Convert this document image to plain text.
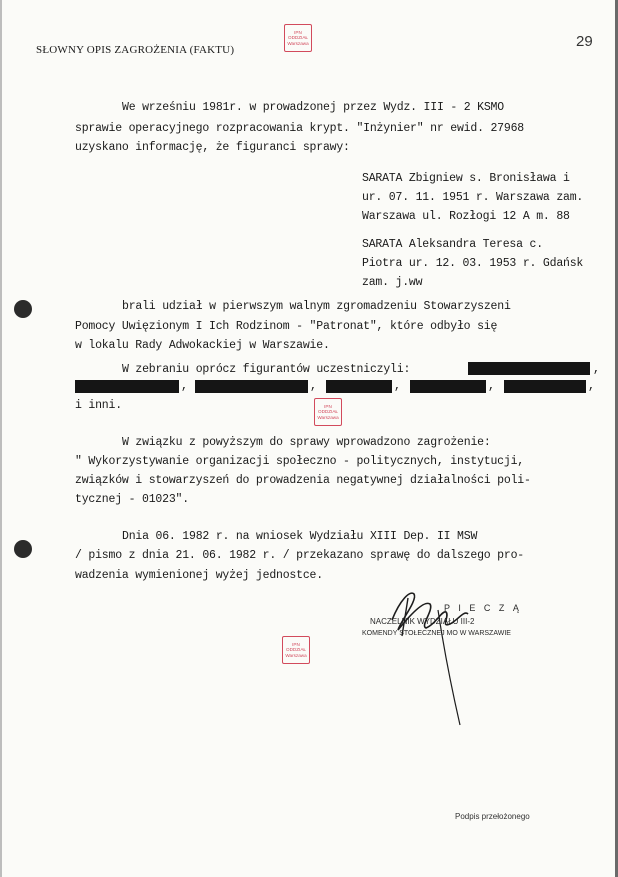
SŁOWNY OPIS ZAGROŻENIA (FAKTU)	29
IPN
ODDZIAŁ
Warszawa
IPN
ODDZIAŁ
Warszawa
IPN
ODDZIAŁ
Warszawa
We wrześniu 1981r. w prowadzonej przez Wydz. III - 2 KSMO
sprawie operacyjnego rozpracowania krypt. "Inżynier" nr ewid. 27968
uzyskano informację, że figuranci sprawy:
SARATA Zbigniew s. Bronisława i
ur. 07. 11. 1951 r. Warszawa zam.
Warszawa ul. Rozłogi 12 A m. 88
SARATA Aleksandra Teresa c.
Piotra ur. 12. 03. 1953 r. Gdańsk
zam. j.ww
brali udział w pierwszym walnym zgromadzeniu Stowarzyszeni
Pomocy Uwięzionym I Ich Rodzinom - "Patronat", które odbyło się
w lokalu Rady Adwokackiej w Warszawie.
W zebraniu oprócz figurantów uczestniczyli:	,
,	,	,	,	,
i inni.
W związku z powyższym do sprawy wprowadzono zagrożenie:
" Wykorzystywanie organizacji społeczno - politycznych, instytucji,
związków i stowarzyszeń do prowadzenia negatywnej działalności poli-
tycznej - 01023".
Dnia 06. 1982 r. na wniosek Wydziału XIII Dep. II MSW
/ pismo z dnia 21. 06. 1982 r. / przekazano sprawę do dalszego pro-
wadzenia wymienionej wyżej jednostce.
P I E C Z Ą
NACZELNIK WYDZIAŁU III-2
KOMENDY STOŁECZNEJ MO W WARSZAWIE
Podpis przełożonego
